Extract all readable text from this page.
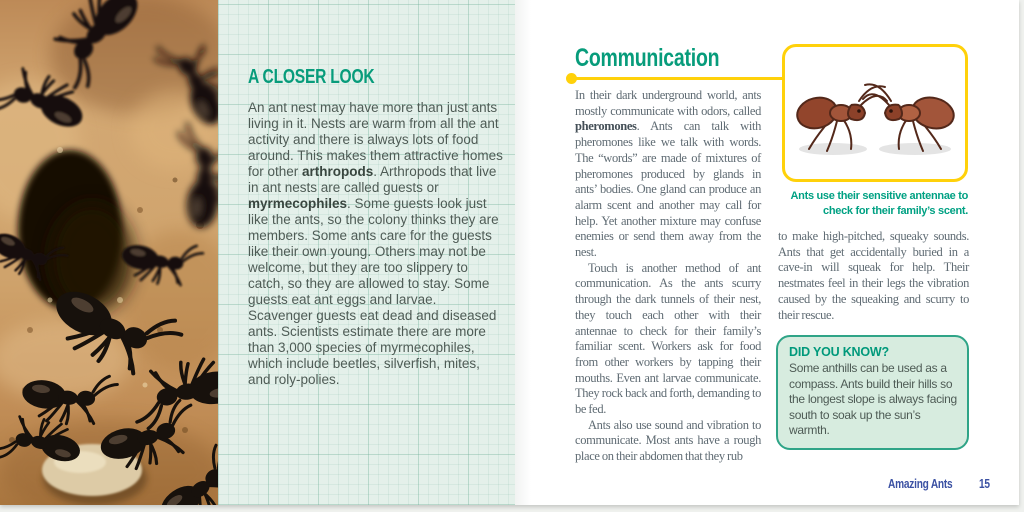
A CLOSER LOOK

An ant nest may have more than just ants living in it. Nests are warm from all the ant activity and there is always lots of food around. This makes them attractive homes for other arthropods. Arthropods that live in ant nests are called guests or myrmecophiles. Some guests look just like the ants, so the colony thinks they are members. Some ants care for the guests like their own young. Others may not be welcome, but they are too slippery to catch, so they are allowed to stay. Some guests eat ant eggs and larvae. Scavenger guests eat dead and diseased ants. Scientists estimate there are more than 3,000 species of myrmecophiles, which include beetles, silverfish, mites, and roly-polies.

Communication

In their dark underground world, ants mostly communicate with odors, called pheromones. Ants can talk with pheromones like we talk with words. The “words” are made of mixtures of pheromones produced by glands in ants’ bodies. One gland can produce an alarm scent and another may call for help. Yet another mixture may confuse enemies or send them away from the nest.

Touch is another method of ant communication. As the ants scurry through the dark tunnels of their nest, they touch each other with their antennae to check for their family’s familiar scent. Workers ask for food from other workers by tapping their mouths. Even ant larvae communicate. They rock back and forth, demanding to be fed.

Ants also use sound and vibration to communicate. Most ants have a rough place on their abdomen that they rub

Ants use their sensitive antennae to
check for their family’s scent.

to make high-pitched, squeaky sounds. Ants that get accidentally buried in a cave-in will squeak for help. Their nestmates feel in their legs the vibration caused by the squeaking and scurry to their rescue.

DID YOU KNOW?

Some anthills can be used as a compass. Ants build their hills so the longest slope is always facing south to soak up the sun’s warmth.

Amazing Ants 15
